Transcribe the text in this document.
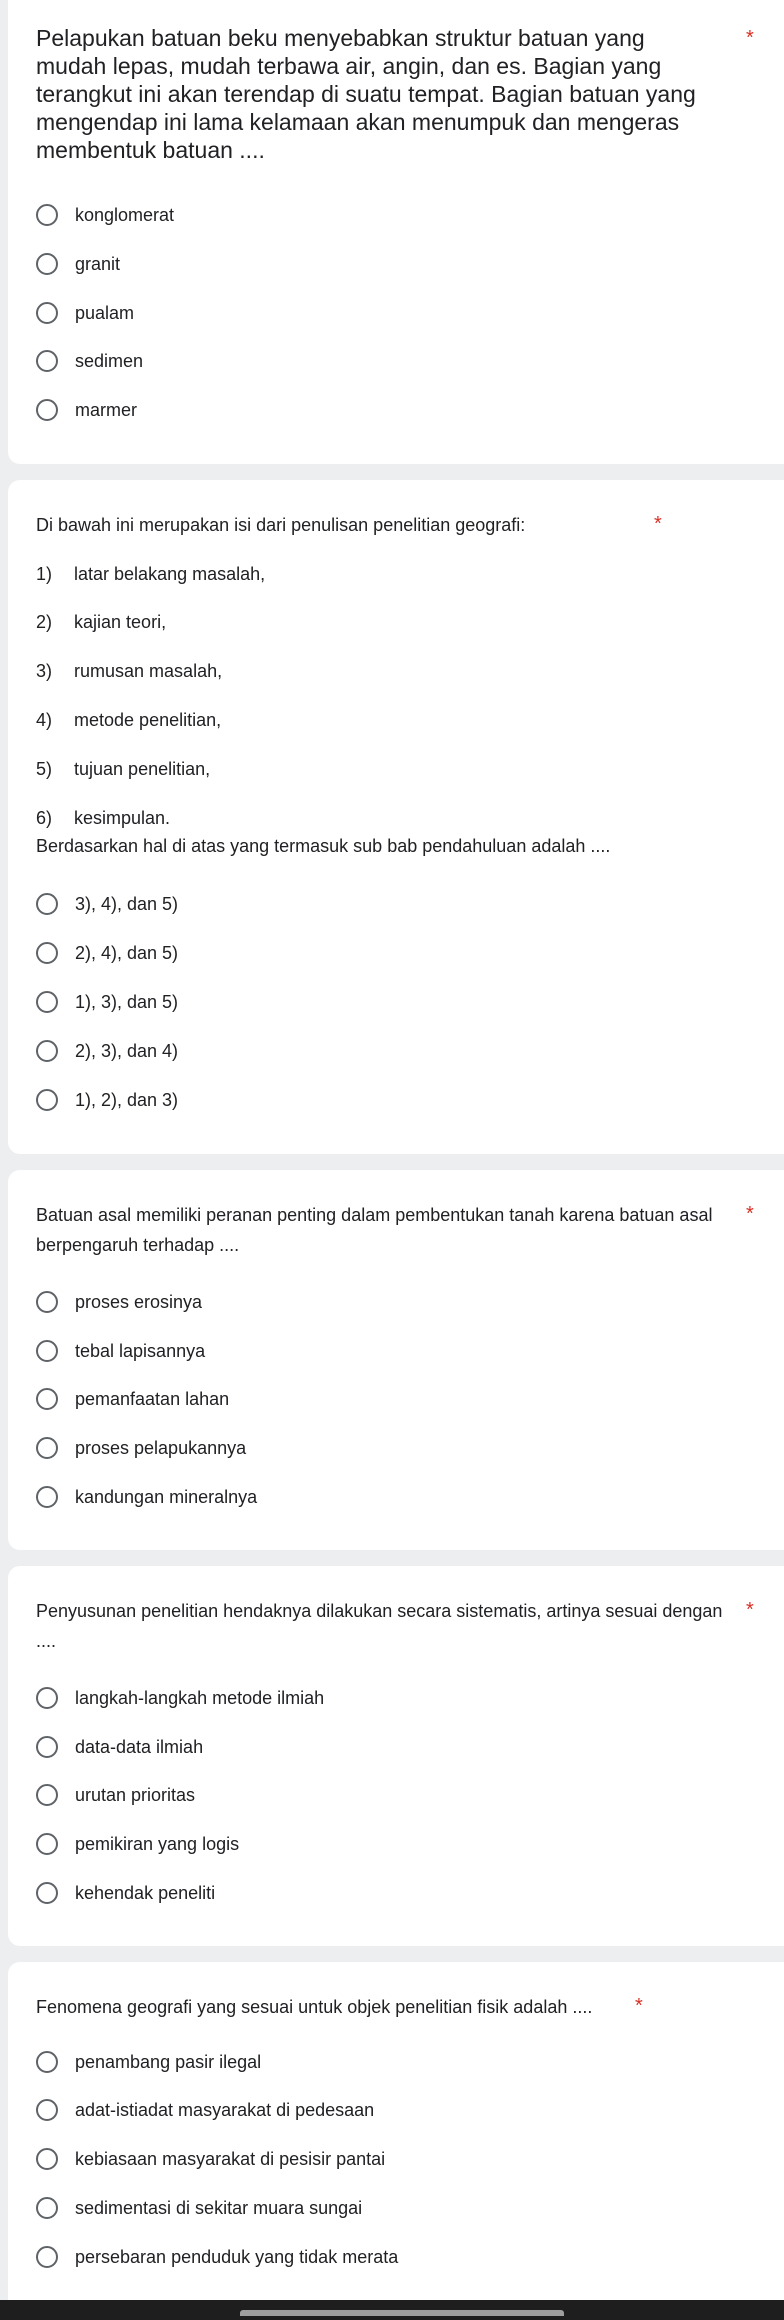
Pelapukan batuan beku menyebabkan struktur batuan yang mudah lepas, mudah terbawa air, angin, dan es. Bagian yang terangkut ini akan terendap di suatu tempat. Bagian batuan yang mengendap ini lama kelamaan akan menumpuk dan mengeras membentuk batuan ....
*
konglomerat
granit
pualam
sedimen
marmer
Di bawah ini merupakan isi dari penulisan penelitian geografi:	*
1) latar belakang masalah,
2) kajian teori,
3) rumusan masalah,
4) metode penelitian,
5) tujuan penelitian,
6) kesimpulan.
Berdasarkan hal di atas yang termasuk sub bab pendahuluan adalah ....
3), 4), dan 5)
2), 4), dan 5)
1), 3), dan 5)
2), 3), dan 4)
1), 2), dan 3)
Batuan asal memiliki peranan penting dalam pembentukan tanah karena batuan asal berpengaruh terhadap ....
*
proses erosinya
tebal lapisannya
pemanfaatan lahan
proses pelapukannya
kandungan mineralnya
Penyusunan penelitian hendaknya dilakukan secara sistematis, artinya sesuai dengan ....
*
langkah-langkah metode ilmiah
data-data ilmiah
urutan prioritas
pemikiran yang logis
kehendak peneliti
Fenomena geografi yang sesuai untuk objek penelitian fisik adalah ....	*
penambang pasir ilegal
adat-istiadat masyarakat di pedesaan
kebiasaan masyarakat di pesisir pantai
sedimentasi di sekitar muara sungai
persebaran penduduk yang tidak merata
